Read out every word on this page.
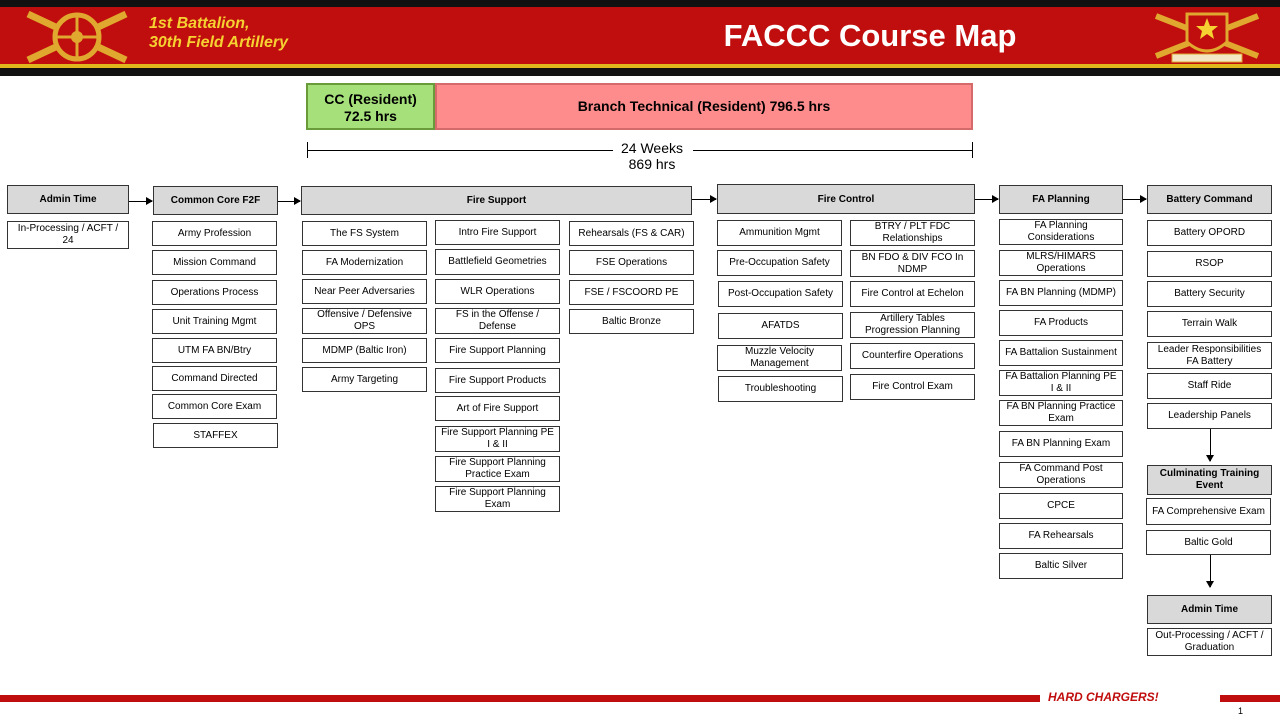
1st Battalion,
30th Field Artillery	FACCC Course Map
CC (Resident)
72.5 hrs
Branch Technical (Resident) 796.5 hrs
24 Weeks
869 hrs
Admin Time
In-Processing / ACFT / 24
Common Core F2F
Army Profession
Mission Command
Operations Process
Unit Training Mgmt
UTM FA BN/Btry
Command Directed
Common Core Exam
STAFFEX
Fire Support
The FS System
FA Modernization
Near Peer Adversaries
Offensive / Defensive OPS
MDMP (Baltic Iron)
Army Targeting
Intro Fire Support
Battlefield Geometries
WLR Operations
FS in the Offense / Defense
Fire Support Planning
Fire Support Products
Art of Fire Support
Fire Support Planning PE I & II
Fire Support Planning Practice Exam
Fire Support Planning Exam
Rehearsals (FS & CAR)
FSE Operations
FSE / FSCOORD PE
Baltic Bronze
Fire Control
Ammunition Mgmt
Pre-Occupation Safety
Post-Occupation Safety
AFATDS
Muzzle Velocity Management
Troubleshooting
BTRY / PLT FDC Relationships
BN FDO & DIV FCO In NDMP
Fire Control at Echelon
Artillery Tables Progression Planning
Counterfire Operations
Fire Control Exam
FA Planning
FA Planning Considerations
MLRS/HIMARS Operations
FA BN Planning (MDMP)
FA Products
FA Battalion Sustainment
FA Battalion Planning PE I & II
FA BN Planning Practice Exam
FA BN Planning Exam
FA Command Post Operations
CPCE
FA Rehearsals
Baltic Silver
Battery Command
Battery OPORD
RSOP
Battery Security
Terrain Walk
Leader Responsibilities FA Battery
Staff Ride
Leadership Panels
Culminating Training Event
FA Comprehensive Exam
Baltic Gold
Admin Time
Out-Processing / ACFT / Graduation
HARD CHARGERS!
1
